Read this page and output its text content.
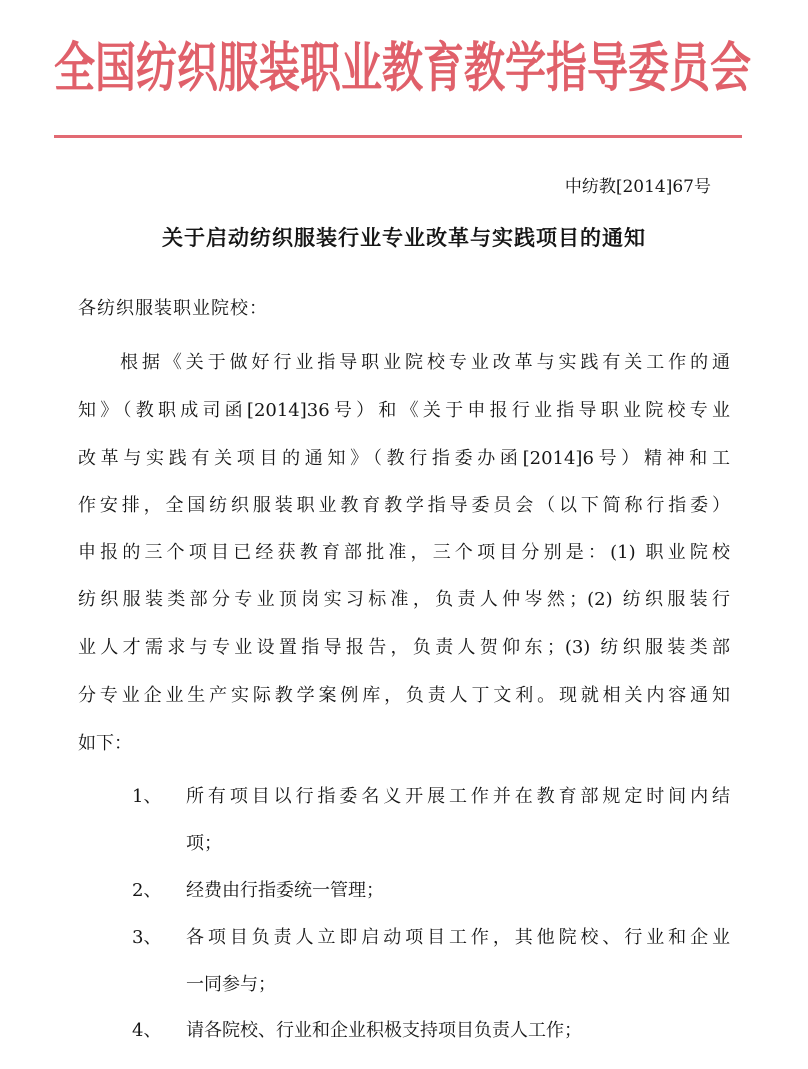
全国纺织服装职业教育教学指导委员会
中纺教[2014]67号
关于启动纺织服装行业专业改革与实践项目的通知
各纺织服装职业院校：
根据《关于做好行业指导职业院校专业改革与实践有关工作的通
知》（教职成司函[2014]36号）和《关于申报行业指导职业院校专业
改革与实践有关项目的通知》（教行指委办函[2014]6号）精神和工
作安排，全国纺织服装职业教育教学指导委员会（以下简称行指委）
申报的三个项目已经获教育部批准，三个项目分别是：(1) 职业院校
纺织服装类部分专业顶岗实习标准，负责人仲岑然；(2) 纺织服装行
业人才需求与专业设置指导报告，负责人贺仰东；(3) 纺织服装类部
分专业企业生产实际教学案例库，负责人丁文利。现就相关内容通知
如下：
1、 所有项目以行指委名义开展工作并在教育部规定时间内结
项；
2、 经费由行指委统一管理；
3、 各项目负责人立即启动项目工作，其他院校、行业和企业
一同参与；
4、 请各院校、行业和企业积极支持项目负责人工作；
